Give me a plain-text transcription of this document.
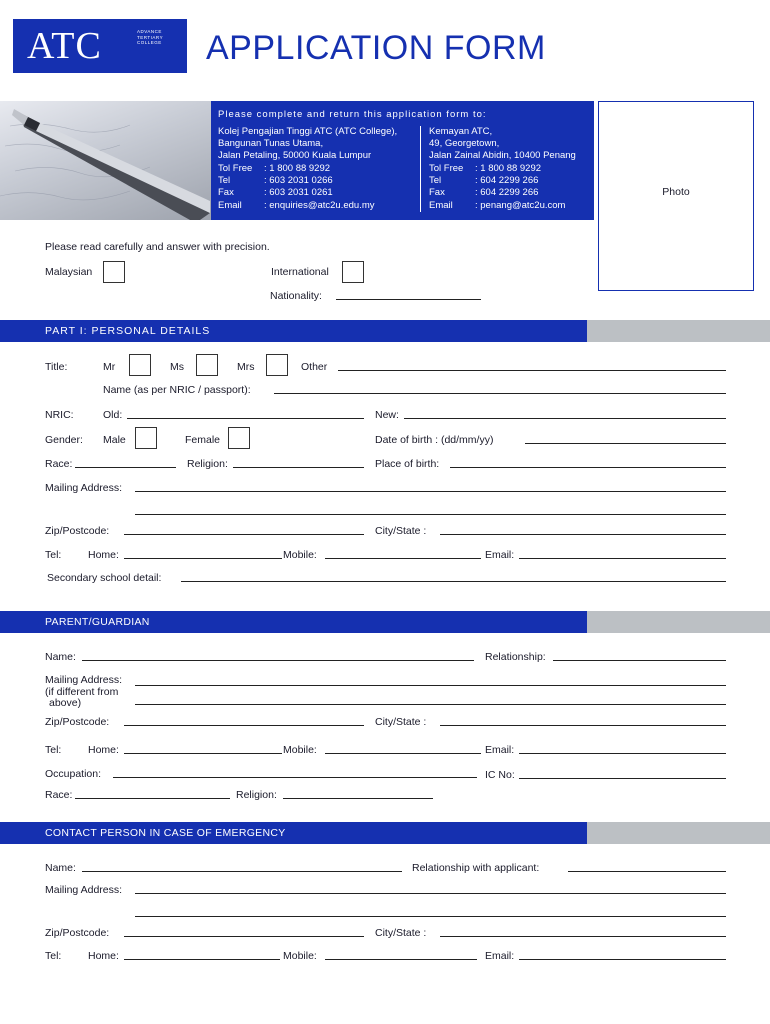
ATC	ADVANCE TERTIARY COLLEGE	APPLICATION FORM
Please complete and return this application form to:
Kolej Pengajian Tinggi ATC (ATC College),
Bangunan Tunas Utama,
Jalan Petaling, 50000 Kuala Lumpur
Tol Free : 1 800 88 9292
Tel	: 603 2031 0266
Fax	: 603 2031 0261
Email : enquiries@atc2u.edu.my
Kemayan ATC,
49, Georgetown,
Jalan Zainal Abidin, 10400 Penang
Tol Free : 1 800 88 9292
Tel	: 604 2299 266
Fax	: 604 2299 266
Email : penang@atc2u.com
Photo
Please read carefully and answer with precision.
Malaysian	International
Nationality:
PART I: PERSONAL DETAILS
Title:	Mr	Ms	Mrs	Other
Name (as per NRIC / passport):
NRIC:	Old:	New:
Gender: Male	Female	Date of birth : (dd/mm/yy)
Race:	Religion:	Place of birth:
Mailing Address:
Zip/Postcode:	City/State :
Tel:	Home:	Mobile:	Email:
Secondary school detail:
PARENT/GUARDIAN
Name:	Relationship:
Mailing Address:
(if different from
above)
Zip/Postcode:	City/State :
Tel:	Home:	Mobile:	Email:
Occupation:	IC No:
Race:	Religion:
CONTACT PERSON IN CASE OF EMERGENCY
Name:	Relationship with applicant:
Mailing Address:
Zip/Postcode:	City/State :
Tel:	Home:	Mobile:	Email:
